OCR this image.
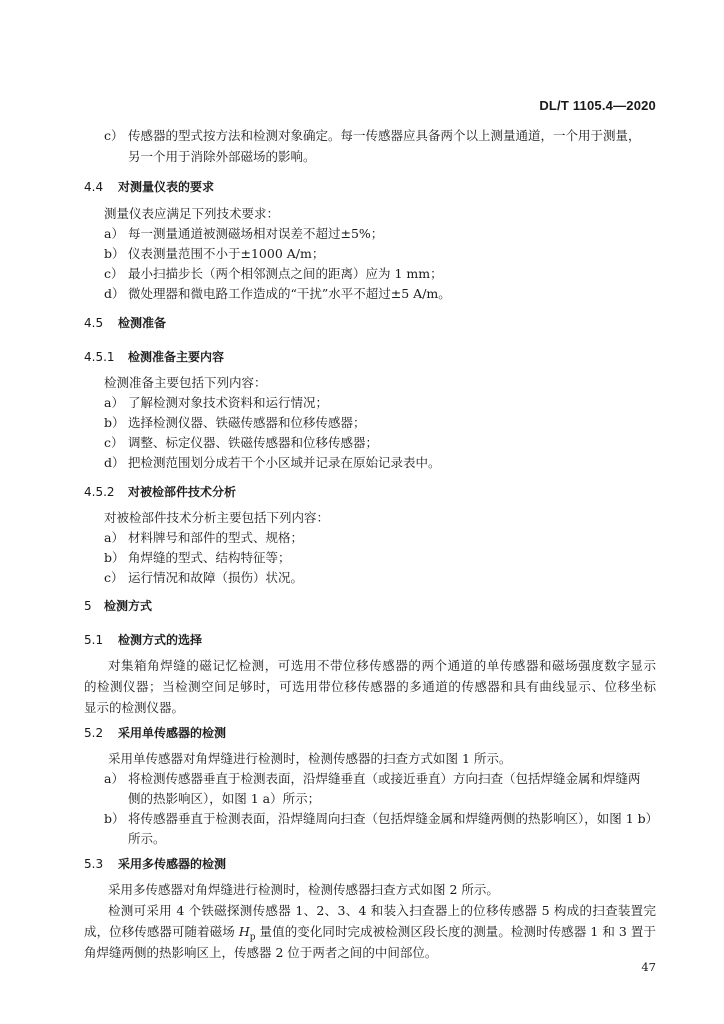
DL/T 1105.4—2020
c） 传感器的型式按方法和检测对象确定。每一传感器应具备两个以上测量通道，一个用于测量，
另一个用于消除外部磁场的影响。
4.4 对测量仪表的要求
测量仪表应满足下列技术要求：
a） 每一测量通道被测磁场相对误差不超过±5%；
b） 仪表测量范围不小于±1000 A/m；
c） 最小扫描步长（两个相邻测点之间的距离）应为 1 mm；
d） 微处理器和微电路工作造成的“干扰”水平不超过±5 A/m。
4.5 检测准备
4.5.1 检测准备主要内容
检测准备主要包括下列内容：
a） 了解检测对象技术资料和运行情况；
b） 选择检测仪器、铁磁传感器和位移传感器；
c） 调整、标定仪器、铁磁传感器和位移传感器；
d） 把检测范围划分成若干个小区域并记录在原始记录表中。
4.5.2 对被检部件技术分析
对被检部件技术分析主要包括下列内容：
a） 材料牌号和部件的型式、规格；
b） 角焊缝的型式、结构特征等；
c） 运行情况和故障（损伤）状况。
5 检测方式
5.1 检测方式的选择
对集箱角焊缝的磁记忆检测，可选用不带位移传感器的两个通道的单传感器和磁场强度数字显示
的检测仪器；当检测空间足够时，可选用带位移传感器的多通道的传感器和具有曲线显示、位移坐标
显示的检测仪器。
5.2 采用单传感器的检测
采用单传感器对角焊缝进行检测时，检测传感器的扫查方式如图 1 所示。
a） 将检测传感器垂直于检测表面，沿焊缝垂直（或接近垂直）方向扫查（包括焊缝金属和焊缝两
侧的热影响区），如图 1 a）所示；
b） 将传感器垂直于检测表面，沿焊缝周向扫查（包括焊缝金属和焊缝两侧的热影响区），如图 1 b）
所示。
5.3 采用多传感器的检测
采用多传感器对角焊缝进行检测时，检测传感器扫查方式如图 2 所示。
检测可采用 4 个铁磁探测传感器 1、2、3、4 和装入扫查器上的位移传感器 5 构成的扫查装置完
成，位移传感器可随着磁场 $H_p$ 量值的变化同时完成被检测区段长度的测量。检测时传感器 1 和 3 置于
角焊缝两侧的热影响区上，传感器 2 位于两者之间的中间部位。
47
